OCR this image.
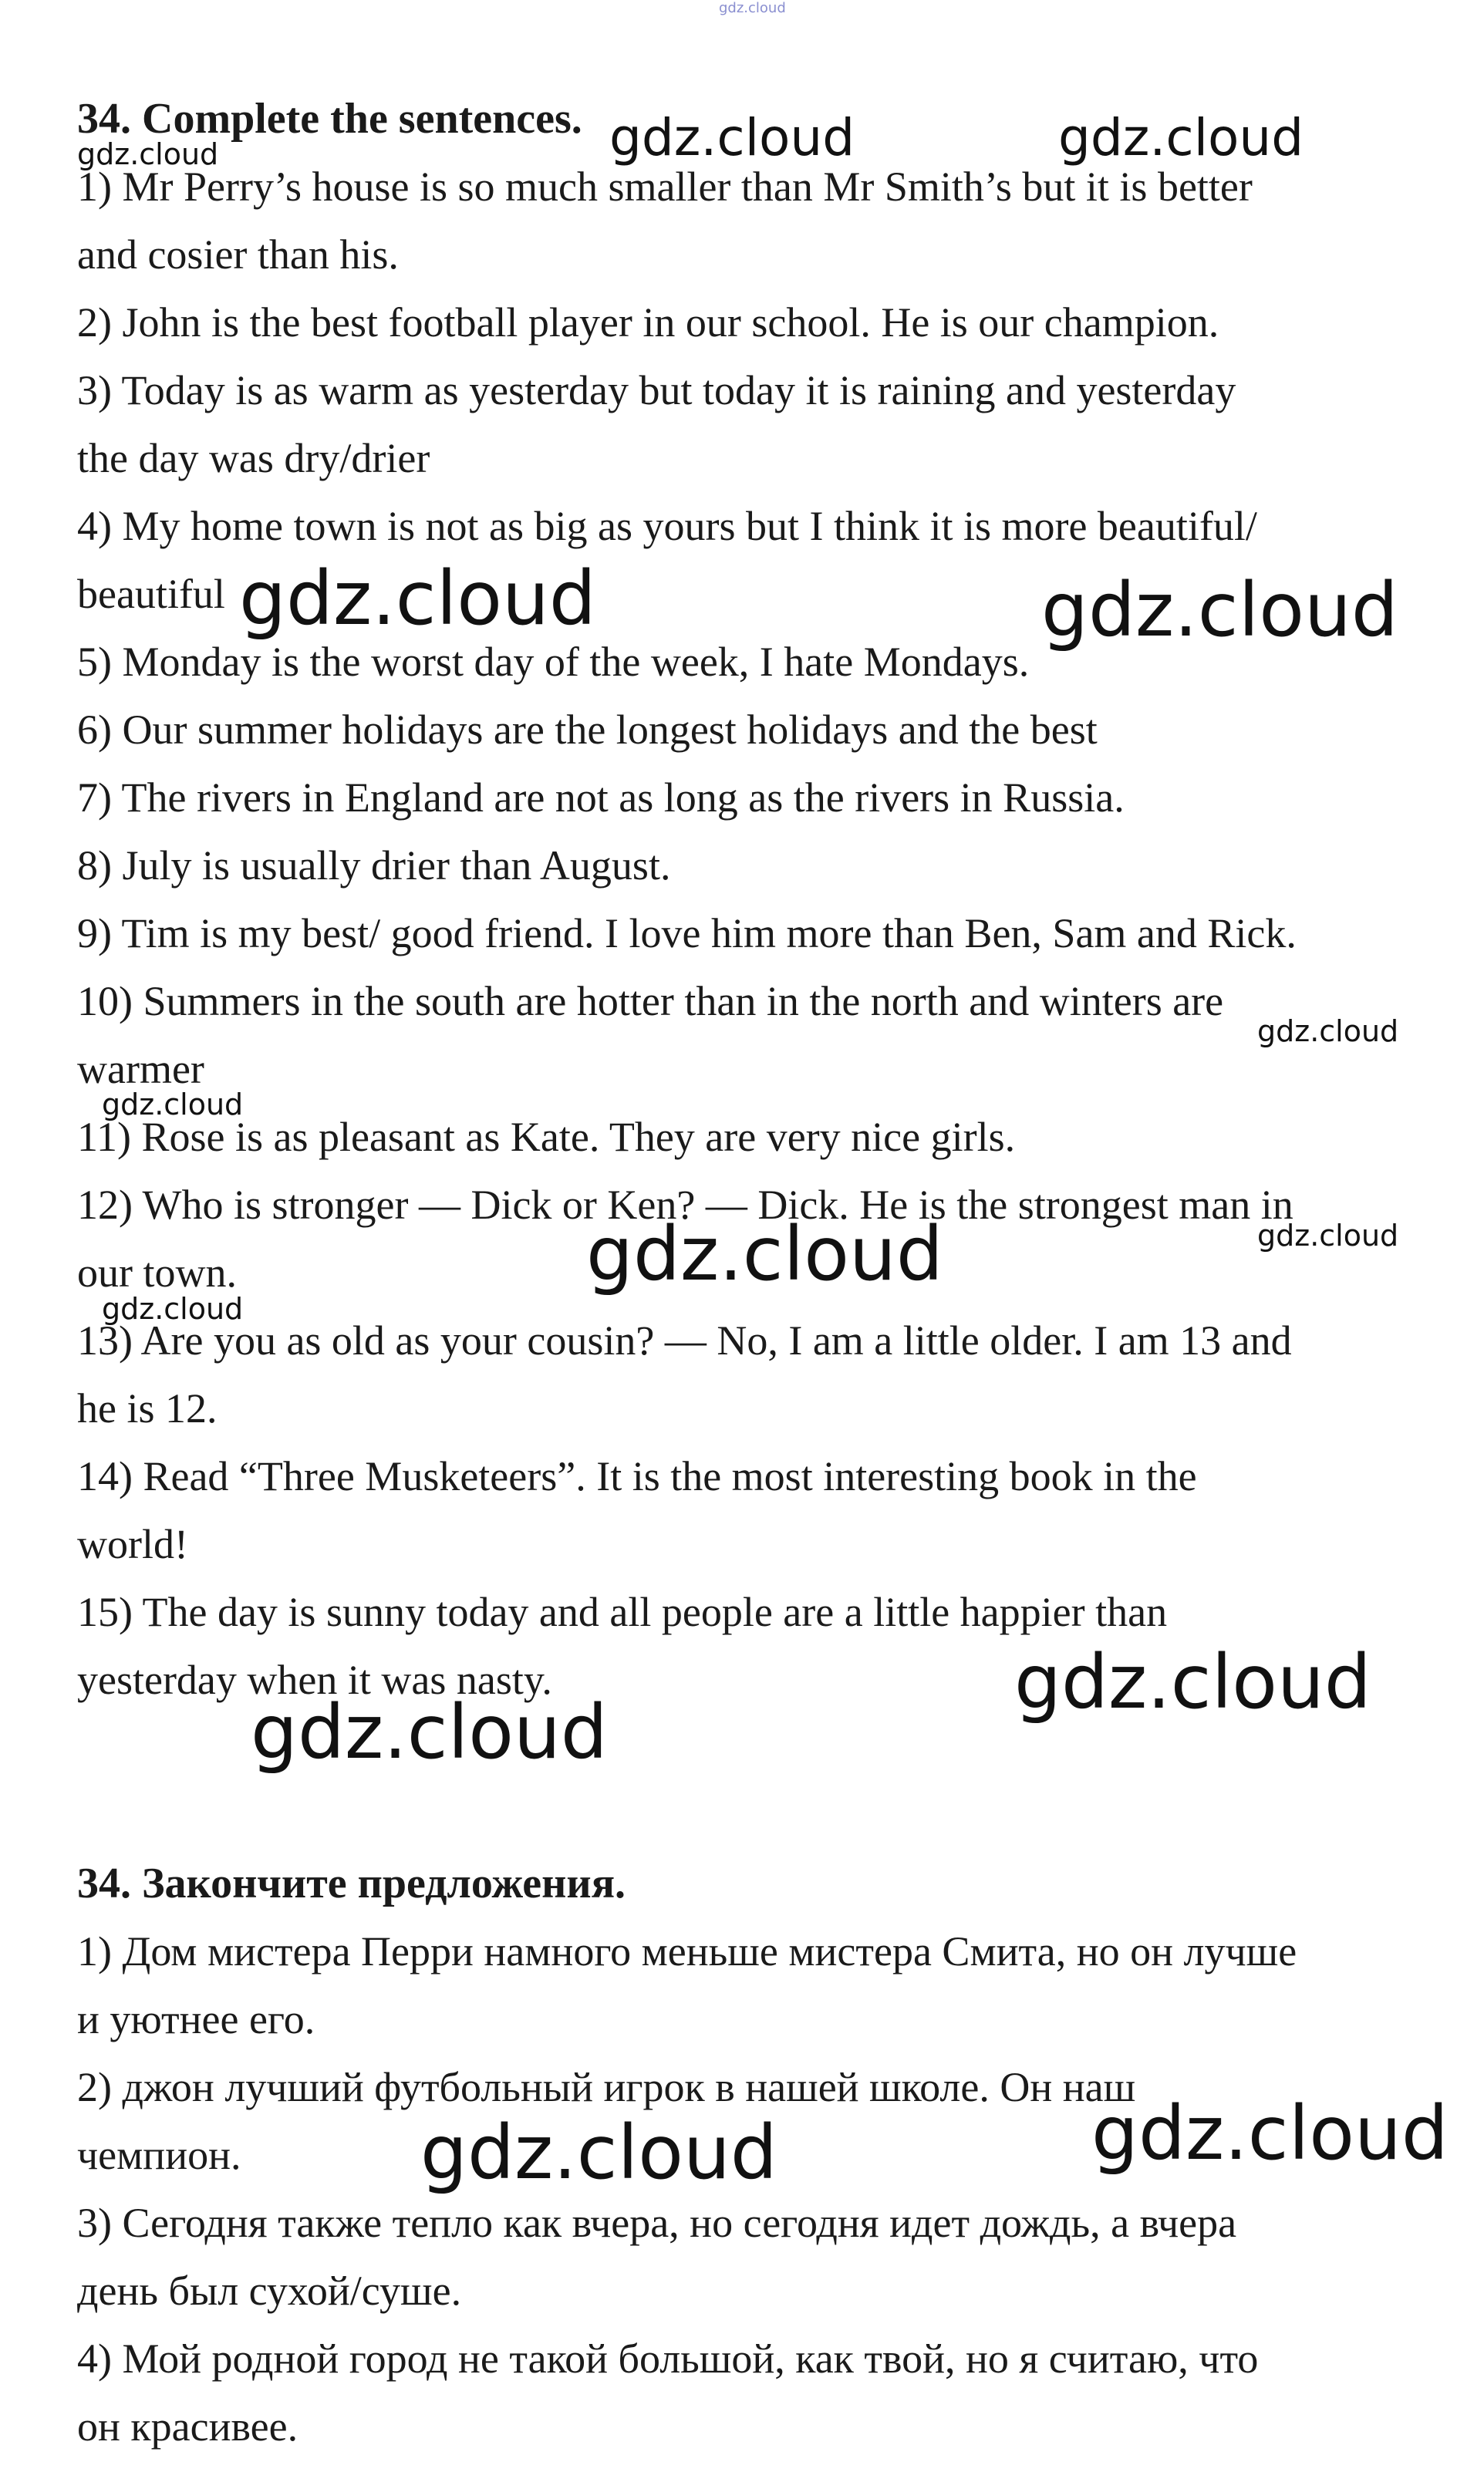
34. Complete the sentences.

1) Mr Perry’s house is so much smaller than Mr Smith’s but it is better

and cosier than his.

2) John is the best football player in our school. He is our champion.

3) Today is as warm as yesterday but today it is raining and yesterday

the day was dry/drier

4) My home town is not as big as yours but I think it is more beautiful/

beautiful

5) Monday is the worst day of the week, I hate Mondays.

6) Our summer holidays are the longest holidays and the best

7) The rivers in England are not as long as the rivers in Russia.

8) July is usually drier than August.

9) Tim is my best/ good friend. I love him more than Ben, Sam and Rick.

10) Summers in the south are hotter than in the north and winters are

warmer

11) Rose is as pleasant as Kate. They are very nice girls.

12) Who is stronger — Dick or Ken? — Dick. He is the strongest man in

our town.

13) Are you as old as your cousin? — No, I am a little older. I am 13 and

he is 12.

14) Read “Three Musketeers”. It is the most interesting book in the

world!

15) The day is sunny today and all people are a little happier than

yesterday when it was nasty.

34. Закончите предложения.

1) Дом мистера Перри намного меньше мистера Смита, но он лучше

и уютнее его.

2) джон лучший футбольный игрок в нашей школе. Он наш

чемпион.

3) Сегодня также тепло как вчера, но сегодня идет дождь, а вчера

день был сухой/суше.

4) Мой родной город не такой большой, как твой, но я считаю, что

он красивее.

gdz.cloud
gdz.cloud	gdz.cloud	gdz.cloud
gdz.cloud	gdz.cloud
gdz.cloud
gdz.cloud
gdz.cloud	gdz.cloud
gdz.cloud
gdz.cloud
gdz.cloud
gdz.cloud
gdz.cloud
